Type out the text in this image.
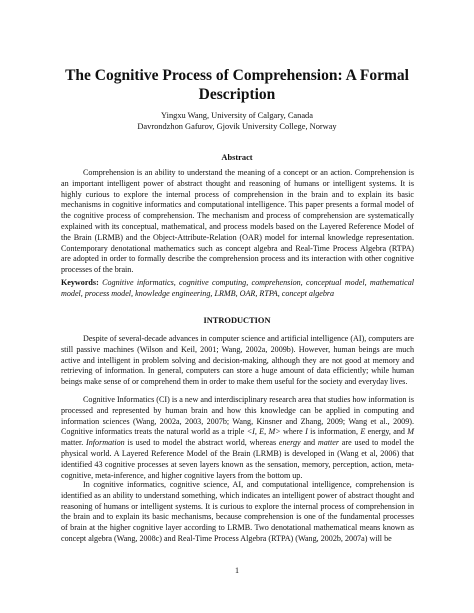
The Cognitive Process of Comprehension: A Formal Description
Yingxu Wang, University of Calgary, Canada
Davrondzhon Gafurov, Gjovik University College, Norway
Abstract

Comprehension is an ability to understand the meaning of a concept or an action. Comprehension is an important intelligent power of abstract thought and reasoning of humans or intelligent systems. It is highly curious to explore the internal process of comprehension in the brain and to explain its basic mechanisms in cognitive informatics and computational intelligence. This paper presents a formal model of the cognitive process of comprehension. The mechanism and process of comprehension are systematically explained with its conceptual, mathematical, and process models based on the Layered Reference Model of the Brain (LRMB) and the Object-Attribute-Relation (OAR) model for internal knowledge representation. Contemporary denotational mathematics such as concept algebra and Real-Time Process Algebra (RTPA) are adopted in order to formally describe the comprehension process and its interaction with other cognitive processes of the brain.

Keywords: Cognitive informatics, cognitive computing, comprehension, conceptual model, mathematical model, process model, knowledge engineering, LRMB, OAR, RTPA, concept algebra

INTRODUCTION

Despite of several-decade advances in computer science and artificial intelligence (AI), computers are still passive machines (Wilson and Keil, 2001; Wang, 2002a, 2009b). However, human beings are much active and intelligent in problem solving and decision-making, although they are not good at memory and retrieving of information. In general, computers can store a huge amount of data efficiently; while human beings make sense of or comprehend them in order to make them useful for the society and everyday lives.

Cognitive Informatics (CI) is a new and interdisciplinary research area that studies how information is processed and represented by human brain and how this knowledge can be applied in computing and information sciences (Wang, 2002a, 2003, 2007b; Wang, Kinsner and Zhang, 2009; Wang et al., 2009). Cognitive informatics treats the natural world as a triple <I, E, M> where I is information, E energy, and M matter. Information is used to model the abstract world, whereas energy and matter are used to model the physical world. A Layered Reference Model of the Brain (LRMB) is developed in (Wang et al, 2006) that identified 43 cognitive processes at seven layers known as the sensation, memory, perception, action, meta-cognitive, meta-inference, and higher cognitive layers from the bottom up.

In cognitive informatics, cognitive science, AI, and computational intelligence, comprehension is identified as an ability to understand something, which indicates an intelligent power of abstract thought and reasoning of humans or intelligent systems. It is curious to explore the internal process of comprehension in the brain and to explain its basic mechanisms, because comprehension is one of the fundamental processes of brain at the higher cognitive layer according to LRMB. Two denotational mathematical means known as concept algebra (Wang, 2008c) and Real-Time Process Algebra (RTPA) (Wang, 2002b, 2007a) will be

1
